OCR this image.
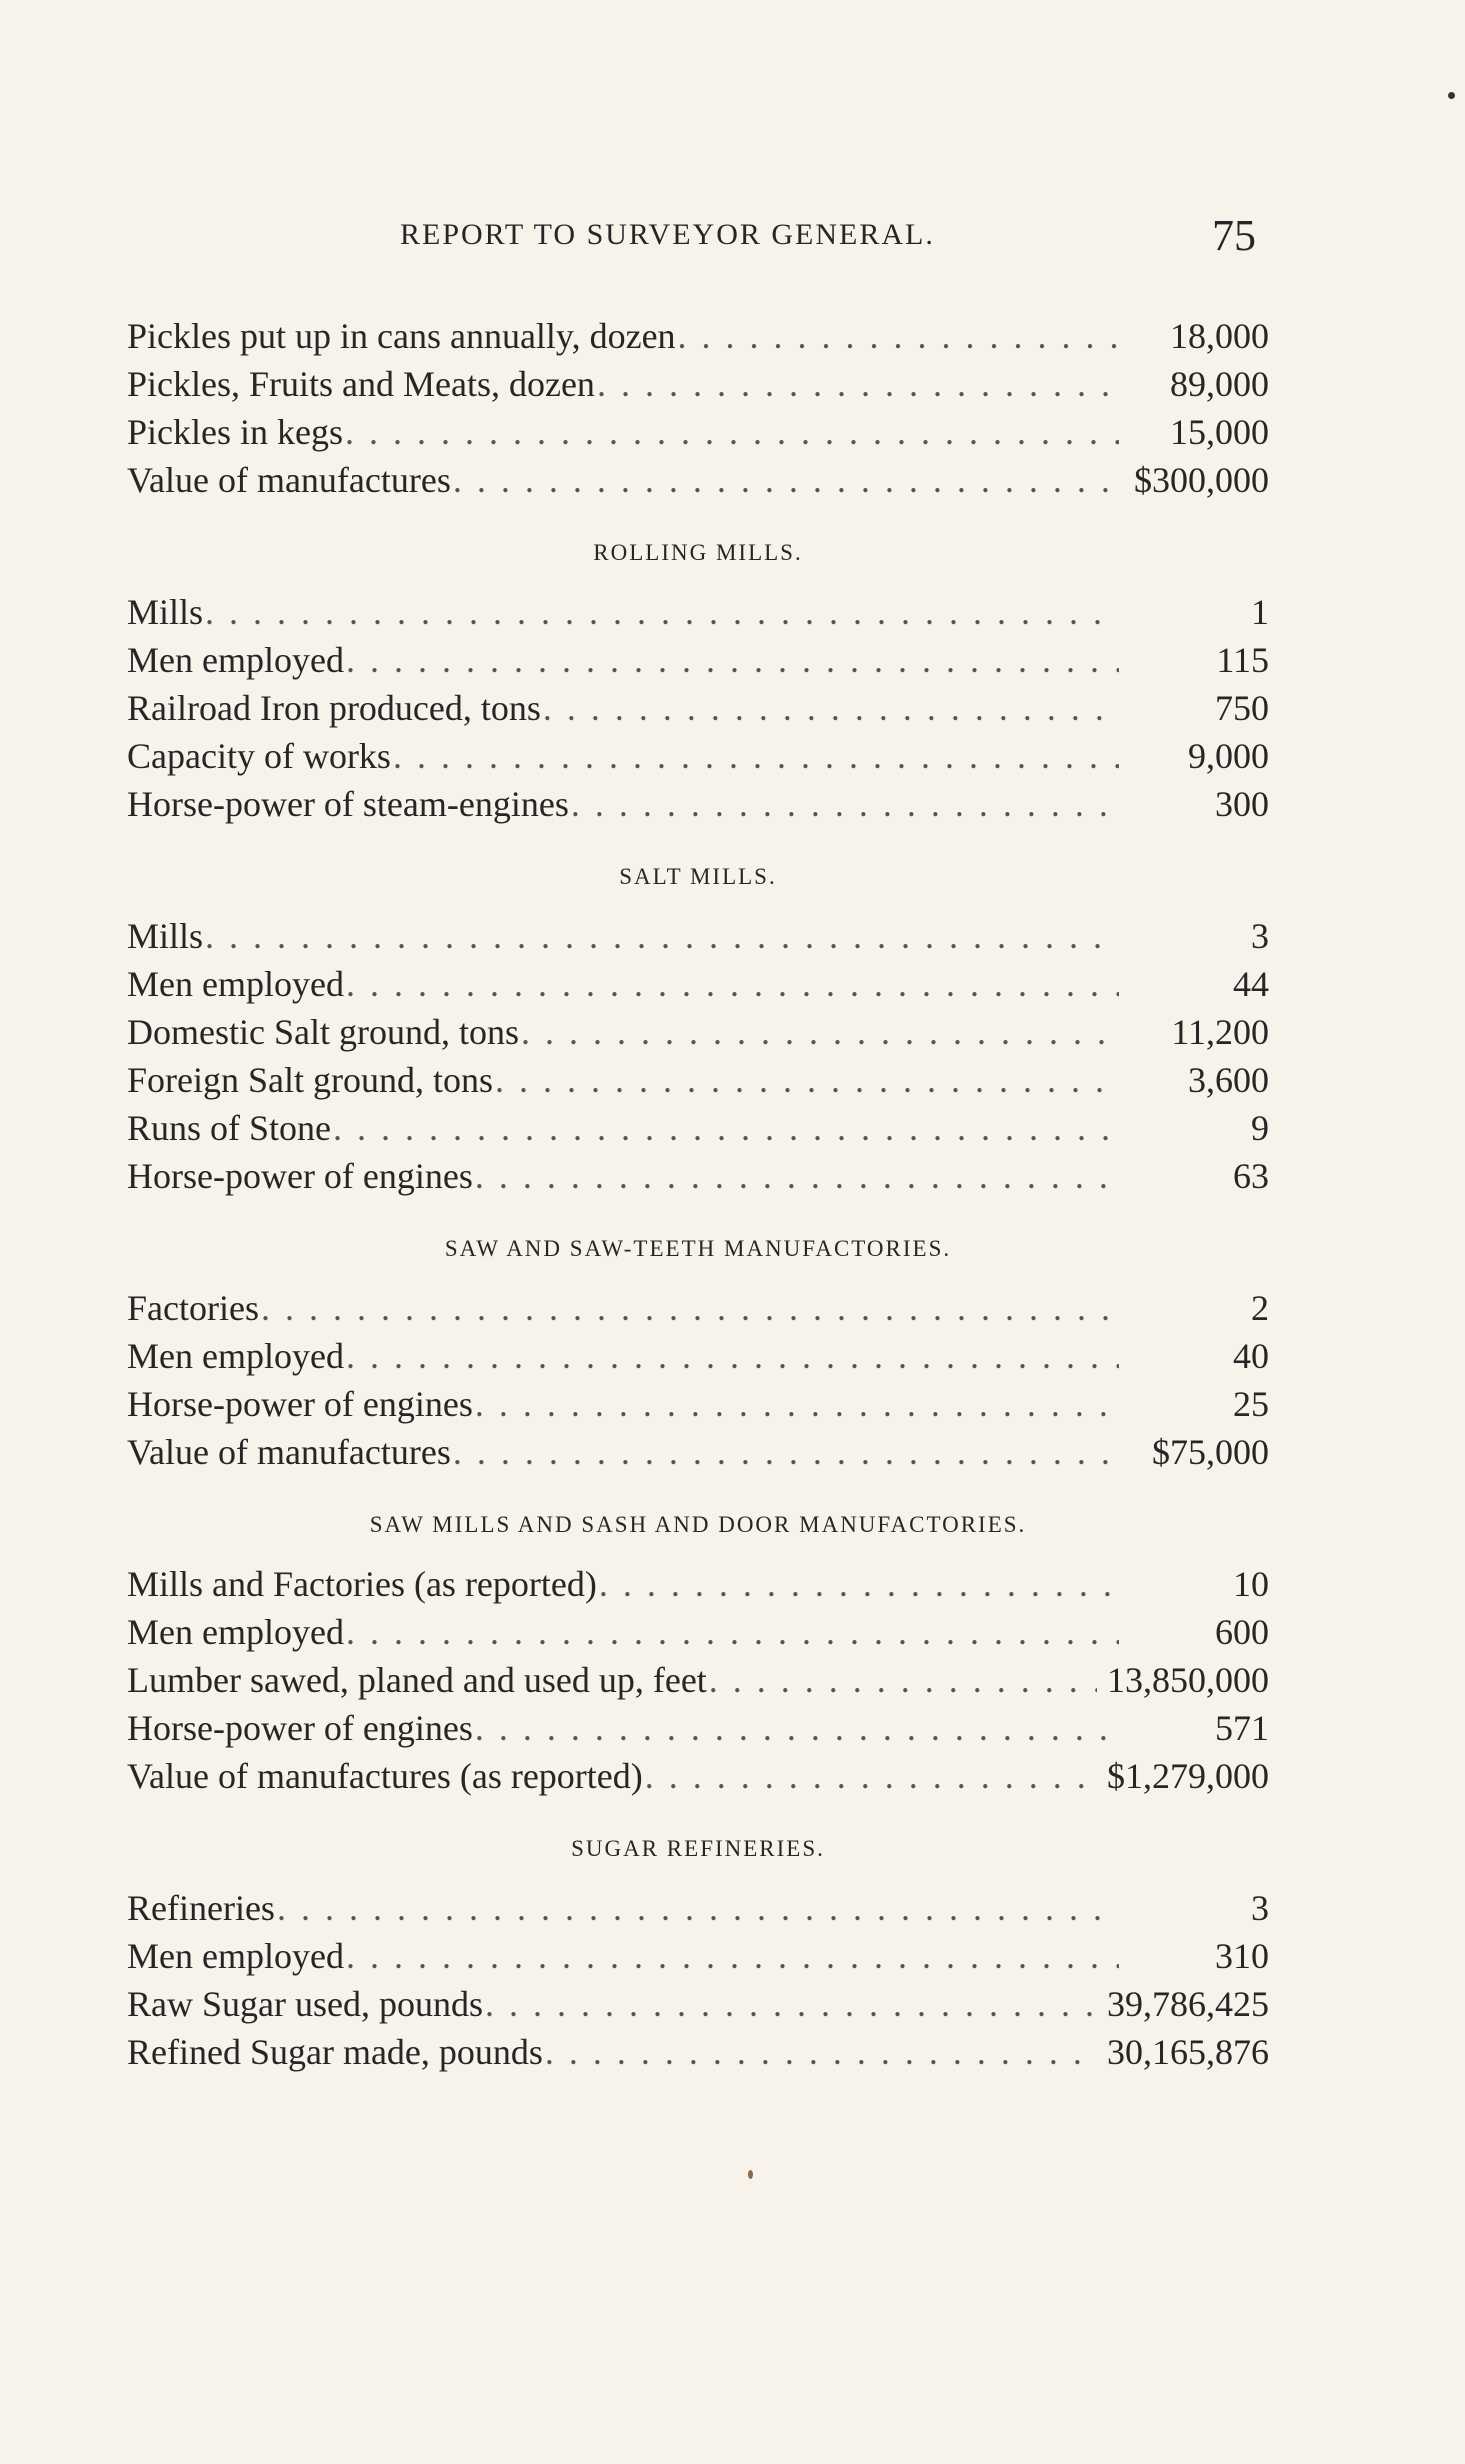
REPORT TO SURVEYOR GENERAL.	75
Pickles put up in cans annually, dozen . . .	18,000
Pickles, Fruits and Meats, dozen . . .	89,000
Pickles in kegs . . .	15,000
Value of manufactures . . .	$300,000
ROLLING MILLS.
Mills . . .	1
Men employed . . .	115
Railroad Iron produced, tons . . .	750
Capacity of works . . .	9,000
Horse-power of steam-engines . . .	300
SALT MILLS.
Mills . . .	3
Men employed . . .	44
Domestic Salt ground, tons . . .	11,200
Foreign Salt ground, tons . . .	3,600
Runs of Stone . . .	9
Horse-power of engines . . .	63
SAW AND SAW-TEETH MANUFACTORIES.
Factories . . .	2
Men employed . . .	40
Horse-power of engines . . .	25
Value of manufactures . . .	$75,000
SAW MILLS AND SASH AND DOOR MANUFACTORIES.
Mills and Factories (as reported) . . .	10
Men employed . . .	600
Lumber sawed, planed and used up, feet . . .	13,850,000
Horse-power of engines . . .	571
Value of manufactures (as reported) . . .	$1,279,000
SUGAR REFINERIES.
Refineries . . .	3
Men employed . . .	310
Raw Sugar used, pounds . . .	39,786,425
Refined Sugar made, pounds . . .	30,165,876
